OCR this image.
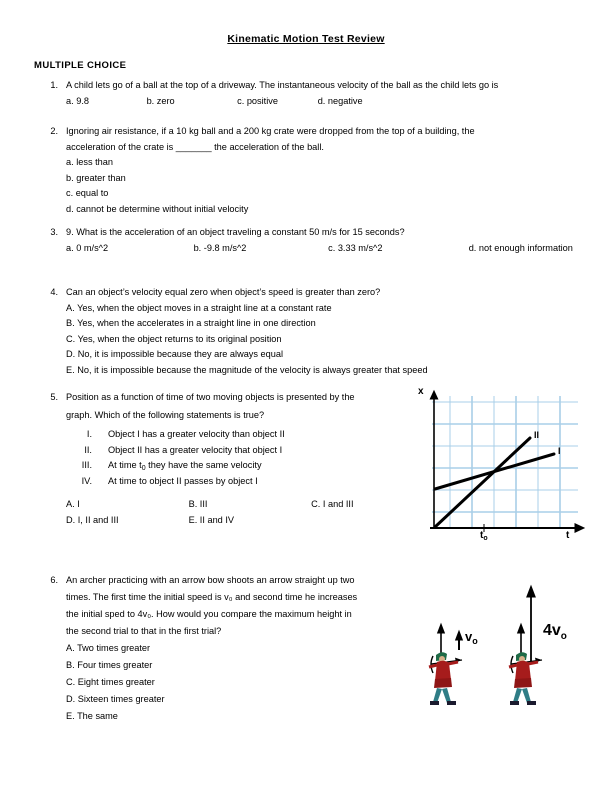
Kinematic Motion Test Review
MULTIPLE CHOICE
1. A child lets go of a ball at the top of a driveway. The instantaneous velocity of the ball as the child lets go is
a. 9.8	b. zero	c. positive	d. negative
2. Ignoring air resistance, if a 10 kg ball and a 200 kg crate were dropped from the top of a building, the
acceleration of the crate is _______ the acceleration of the ball.
a. less than
b. greater than
c. equal to
d. cannot be determine without initial velocity
3. 9. What is the acceleration of an object traveling a constant 50 m/s for 15 seconds?
a. 0 m/s^2	b. -9.8 m/s^2	c. 3.33 m/s^2	d. not enough information
4. Can an object’s velocity equal zero when object’s speed is greater than zero?
A. Yes, when the object moves in a straight line at a constant rate
B. Yes, when the accelerates in a straight line in one direction
C. Yes, when the object returns to its original position
D. No, it is impossible because they are always equal
E. No, it is impossible because the magnitude of the velocity is always greater that speed
5. Position as a function of time of two moving objects is presented by the
graph. Which of the following statements is true?
I. Object I has a greater velocity than object II
II. Object II has a greater velocity that object I
III. At time $t_0$ they have the same velocity
IV. At time to object II passes by object I
A. I	B. III	C. I and III
D. I, II and III	E. II and IV
x
t
$t_o$
II
I
6. An archer practicing with an arrow bow shoots an arrow straight up two
times. The first time the initial speed is v₀ and second time he increases
the initial sped to 4v₀. How would you compare the maximum height in
the second trial to that in the first trial?
A. Two times greater
B. Four times greater
C. Eight times greater
D. Sixteen times greater
E. The same
$v_o$
$4v_o$
